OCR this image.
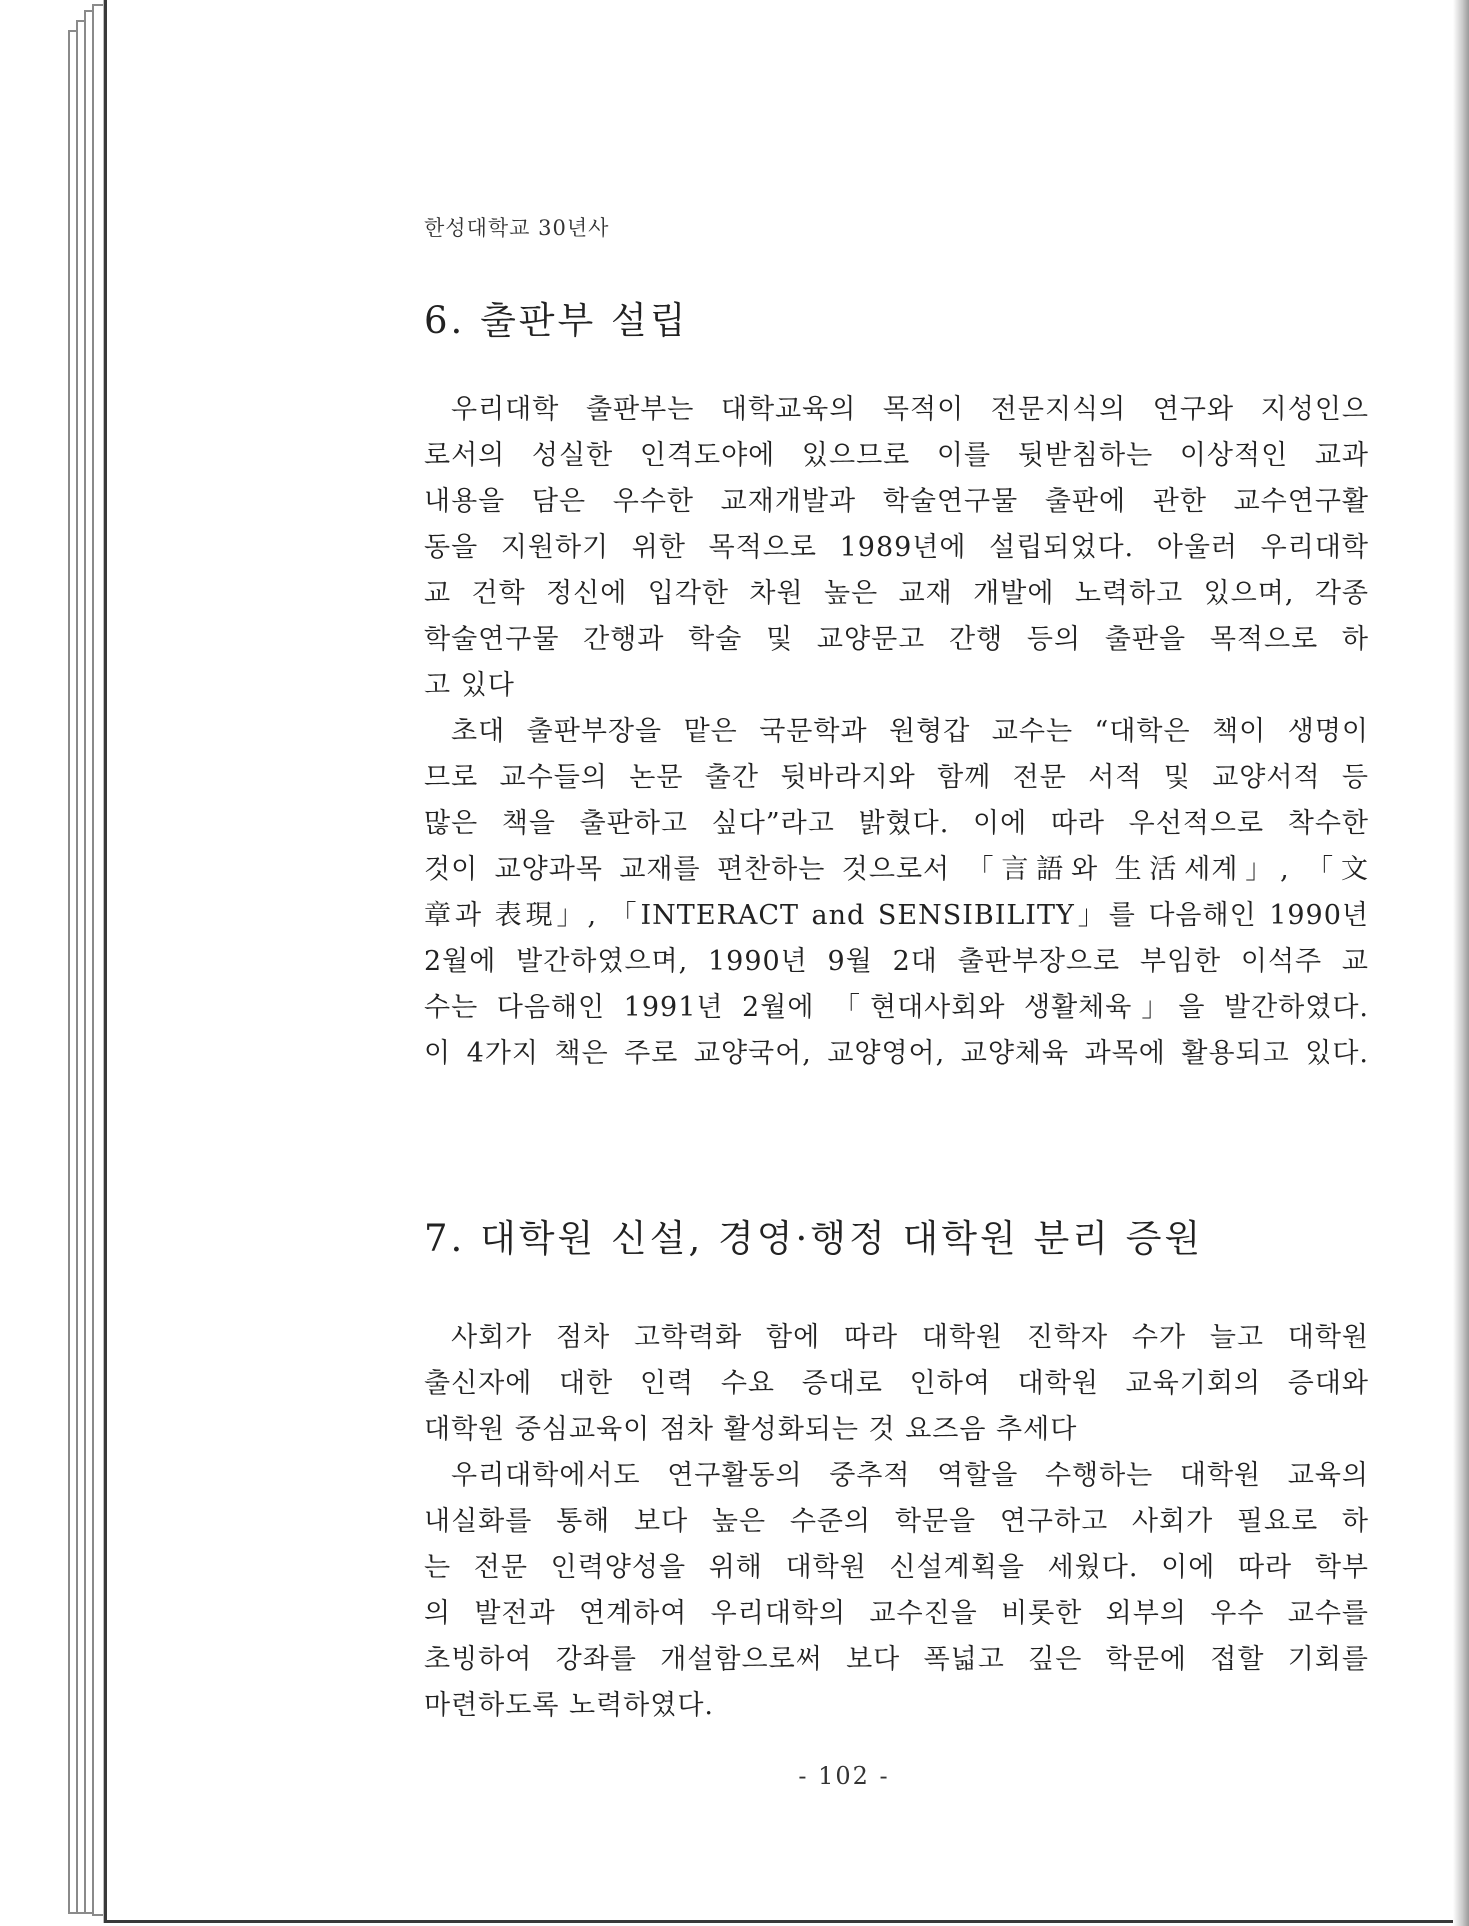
한성대학교 30년사
6. 출판부 설립
우리대학 출판부는 대학교육의 목적이 전문지식의 연구와 지성인으
로서의 성실한 인격도야에 있으므로 이를 뒷받침하는 이상적인 교과
내용을 담은 우수한 교재개발과 학술연구물 출판에 관한 교수연구활
동을 지원하기 위한 목적으로 1989년에 설립되었다. 아울러 우리대학
교 건학 정신에 입각한 차원 높은 교재 개발에 노력하고 있으며, 각종
학술연구물 간행과 학술 및 교양문고 간행 등의 출판을 목적으로 하
고 있다
초대 출판부장을 맡은 국문학과 원형갑 교수는 “대학은 책이 생명이
므로 교수들의 논문 출간 뒷바라지와 함께 전문 서적 및 교양서적 등
많은 책을 출판하고 싶다”라고 밝혔다. 이에 따라 우선적으로 착수한
것이 교양과목 교재를 편찬하는 것으로서 「言語와 生活세계」, 「文
章과 表現」, 「INTERACT and SENSIBILITY」를 다음해인 1990년
2월에 발간하였으며, 1990년 9월 2대 출판부장으로 부임한 이석주 교
수는 다음해인 1991년 2월에 「현대사회와 생활체육」을 발간하였다.
이 4가지 책은 주로 교양국어, 교양영어, 교양체육 과목에 활용되고 있다.
7. 대학원 신설, 경영·행정 대학원 분리 증원
사회가 점차 고학력화 함에 따라 대학원 진학자 수가 늘고 대학원
출신자에 대한 인력 수요 증대로 인하여 대학원 교육기회의 증대와
대학원 중심교육이 점차 활성화되는 것 요즈음 추세다
우리대학에서도 연구활동의 중추적 역할을 수행하는 대학원 교육의
내실화를 통해 보다 높은 수준의 학문을 연구하고 사회가 필요로 하
는 전문 인력양성을 위해 대학원 신설계획을 세웠다. 이에 따라 학부
의 발전과 연계하여 우리대학의 교수진을 비롯한 외부의 우수 교수를
초빙하여 강좌를 개설함으로써 보다 폭넓고 깊은 학문에 접할 기회를
마련하도록 노력하였다.
- 102 -
